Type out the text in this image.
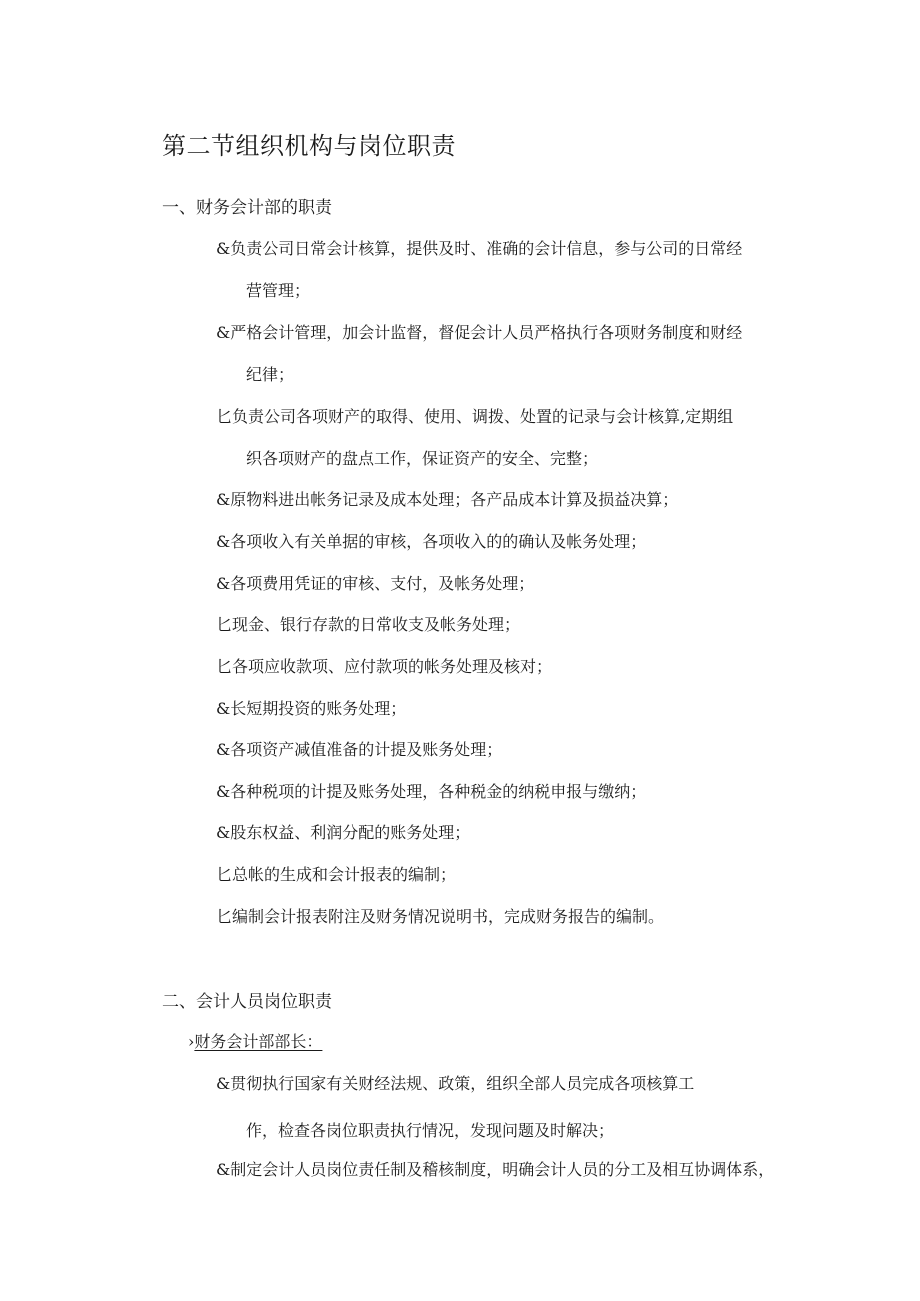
第二节组织机构与岗位职责
一、财务会计部的职责
&负责公司日常会计核算，提供及时、准确的会计信息，参与公司的日常经
营管理；
&严格会计管理，加会计监督，督促会计人员严格执行各项财务制度和财经
纪律；
匕负责公司各项财产的取得、使用、调拨、处置的记录与会计核算,定期组
织各项财产的盘点工作，保证资产的安全、完整；
&原物料进出帐务记录及成本处理；各产品成本计算及损益决算；
&各项收入有关单据的审核，各项收入的的确认及帐务处理；
&各项费用凭证的审核、支付，及帐务处理；
匕现金、银行存款的日常收支及帐务处理；
匕各项应收款项、应付款项的帐务处理及核对；
&长短期投资的账务处理；
&各项资产减值准备的计提及账务处理；
&各种税项的计提及账务处理，各种税金的纳税申报与缴纳；
&股东权益、利润分配的账务处理；
匕总帐的生成和会计报表的编制；
匕编制会计报表附注及财务情况说明书，完成财务报告的编制。
二、会计人员岗位职责
›财务会计部部长：
&贯彻执行国家有关财经法规、政策，组织全部人员完成各项核算工
作，检查各岗位职责执行情况，发现问题及时解决；
&制定会计人员岗位责任制及稽核制度，明确会计人员的分工及相互协调体系，
